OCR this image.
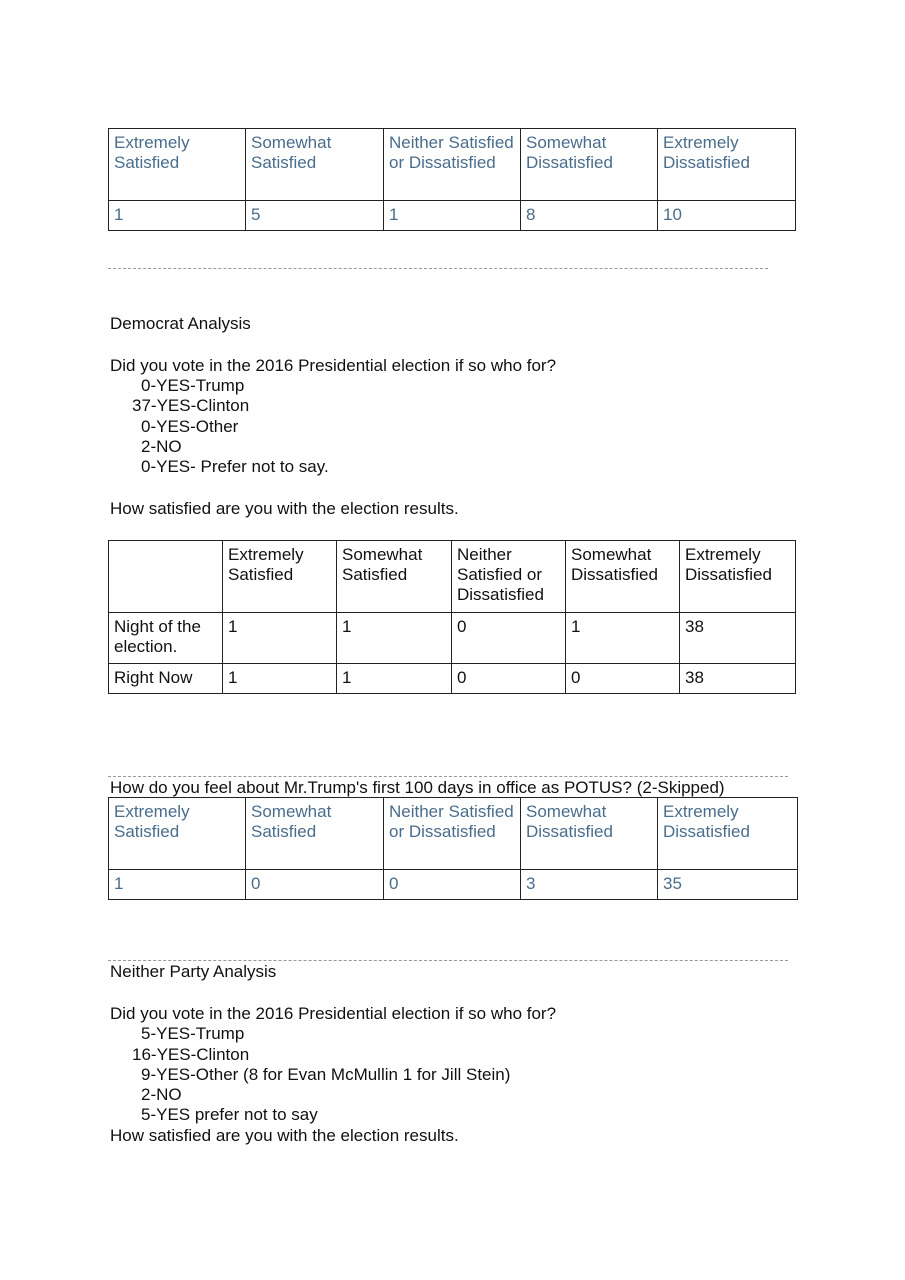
Extremely Satisfied	Somewhat Satisfied	Neither Satisfied or Dissatisfied	Somewhat Dissatisfied	Extremely Dissatisfied
1	5	1	8	10
Democrat Analysis
Did you vote in the 2016 Presidential election if so who for?
0-YES-Trump
37-YES-Clinton
0-YES-Other
2-NO
0-YES- Prefer not to say.
How satisfied are you with the election results.
	Extremely Satisfied	Somewhat Satisfied	Neither Satisfied or Dissatisfied	Somewhat Dissatisfied	Extremely Dissatisfied
Night of the election.	1	1	0	1	38
Right Now	1	1	0	0	38
How do you feel about Mr.Trump's first 100 days in office as POTUS? (2-Skipped)
Extremely Satisfied	Somewhat Satisfied	Neither Satisfied or Dissatisfied	Somewhat Dissatisfied	Extremely Dissatisfied
1	0	0	3	35
Neither Party Analysis
Did you vote in the 2016 Presidential election if so who for?
5-YES-Trump
16-YES-Clinton
9-YES-Other (8 for Evan McMullin 1 for Jill Stein)
2-NO
5-YES prefer not to say
How satisfied are you with the election results.
